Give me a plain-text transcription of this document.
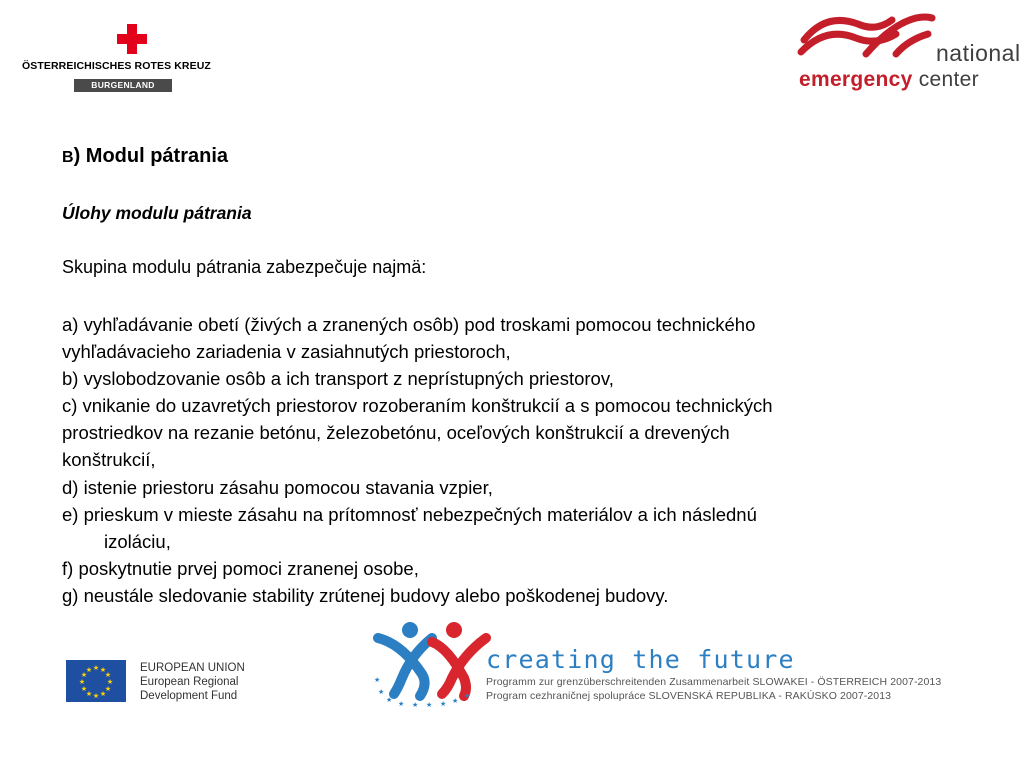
ÖSTERREICHISCHES ROTES KREUZ
BURGENLAND
national
emergency center
B) Modul pátrania
Úlohy modulu pátrania
Skupina modulu pátrania zabezpečuje najmä:
a) vyhľadávanie obetí (živých a zranených osôb) pod troskami pomocou technického
vyhľadávacieho zariadenia v zasiahnutých priestoroch,
b) vyslobodzovanie osôb a ich transport z neprístupných priestorov,
c) vnikanie do uzavretých priestorov rozoberaním konštrukcií a s pomocou technických
prostriedkov na rezanie betónu, železobetónu, oceľových konštrukcií a drevených
konštrukcií,
d) istenie priestoru zásahu pomocou stavania vzpier,
e) prieskum v mieste zásahu na prítomnosť nebezpečných materiálov a ich následnú
izoláciu,
f) poskytnutie prvej pomoci zranenej osobe,
g) neustále sledovanie stability zrútenej budovy alebo poškodenej budovy.
★ ★
★
★
★
★
★
★
★
★
★
★	EUROPEAN UNION
European Regional
Development Fund	★
★ ★ ★ ★ ★ ★
★
★
creating the future
Programm zur grenzüberschreitenden Zusammenarbeit SLOWAKEI - ÖSTERREICH 2007-2013
Program cezhraničnej spolupráce SLOVENSKÁ REPUBLIKA - RAKÚSKO 2007-2013
